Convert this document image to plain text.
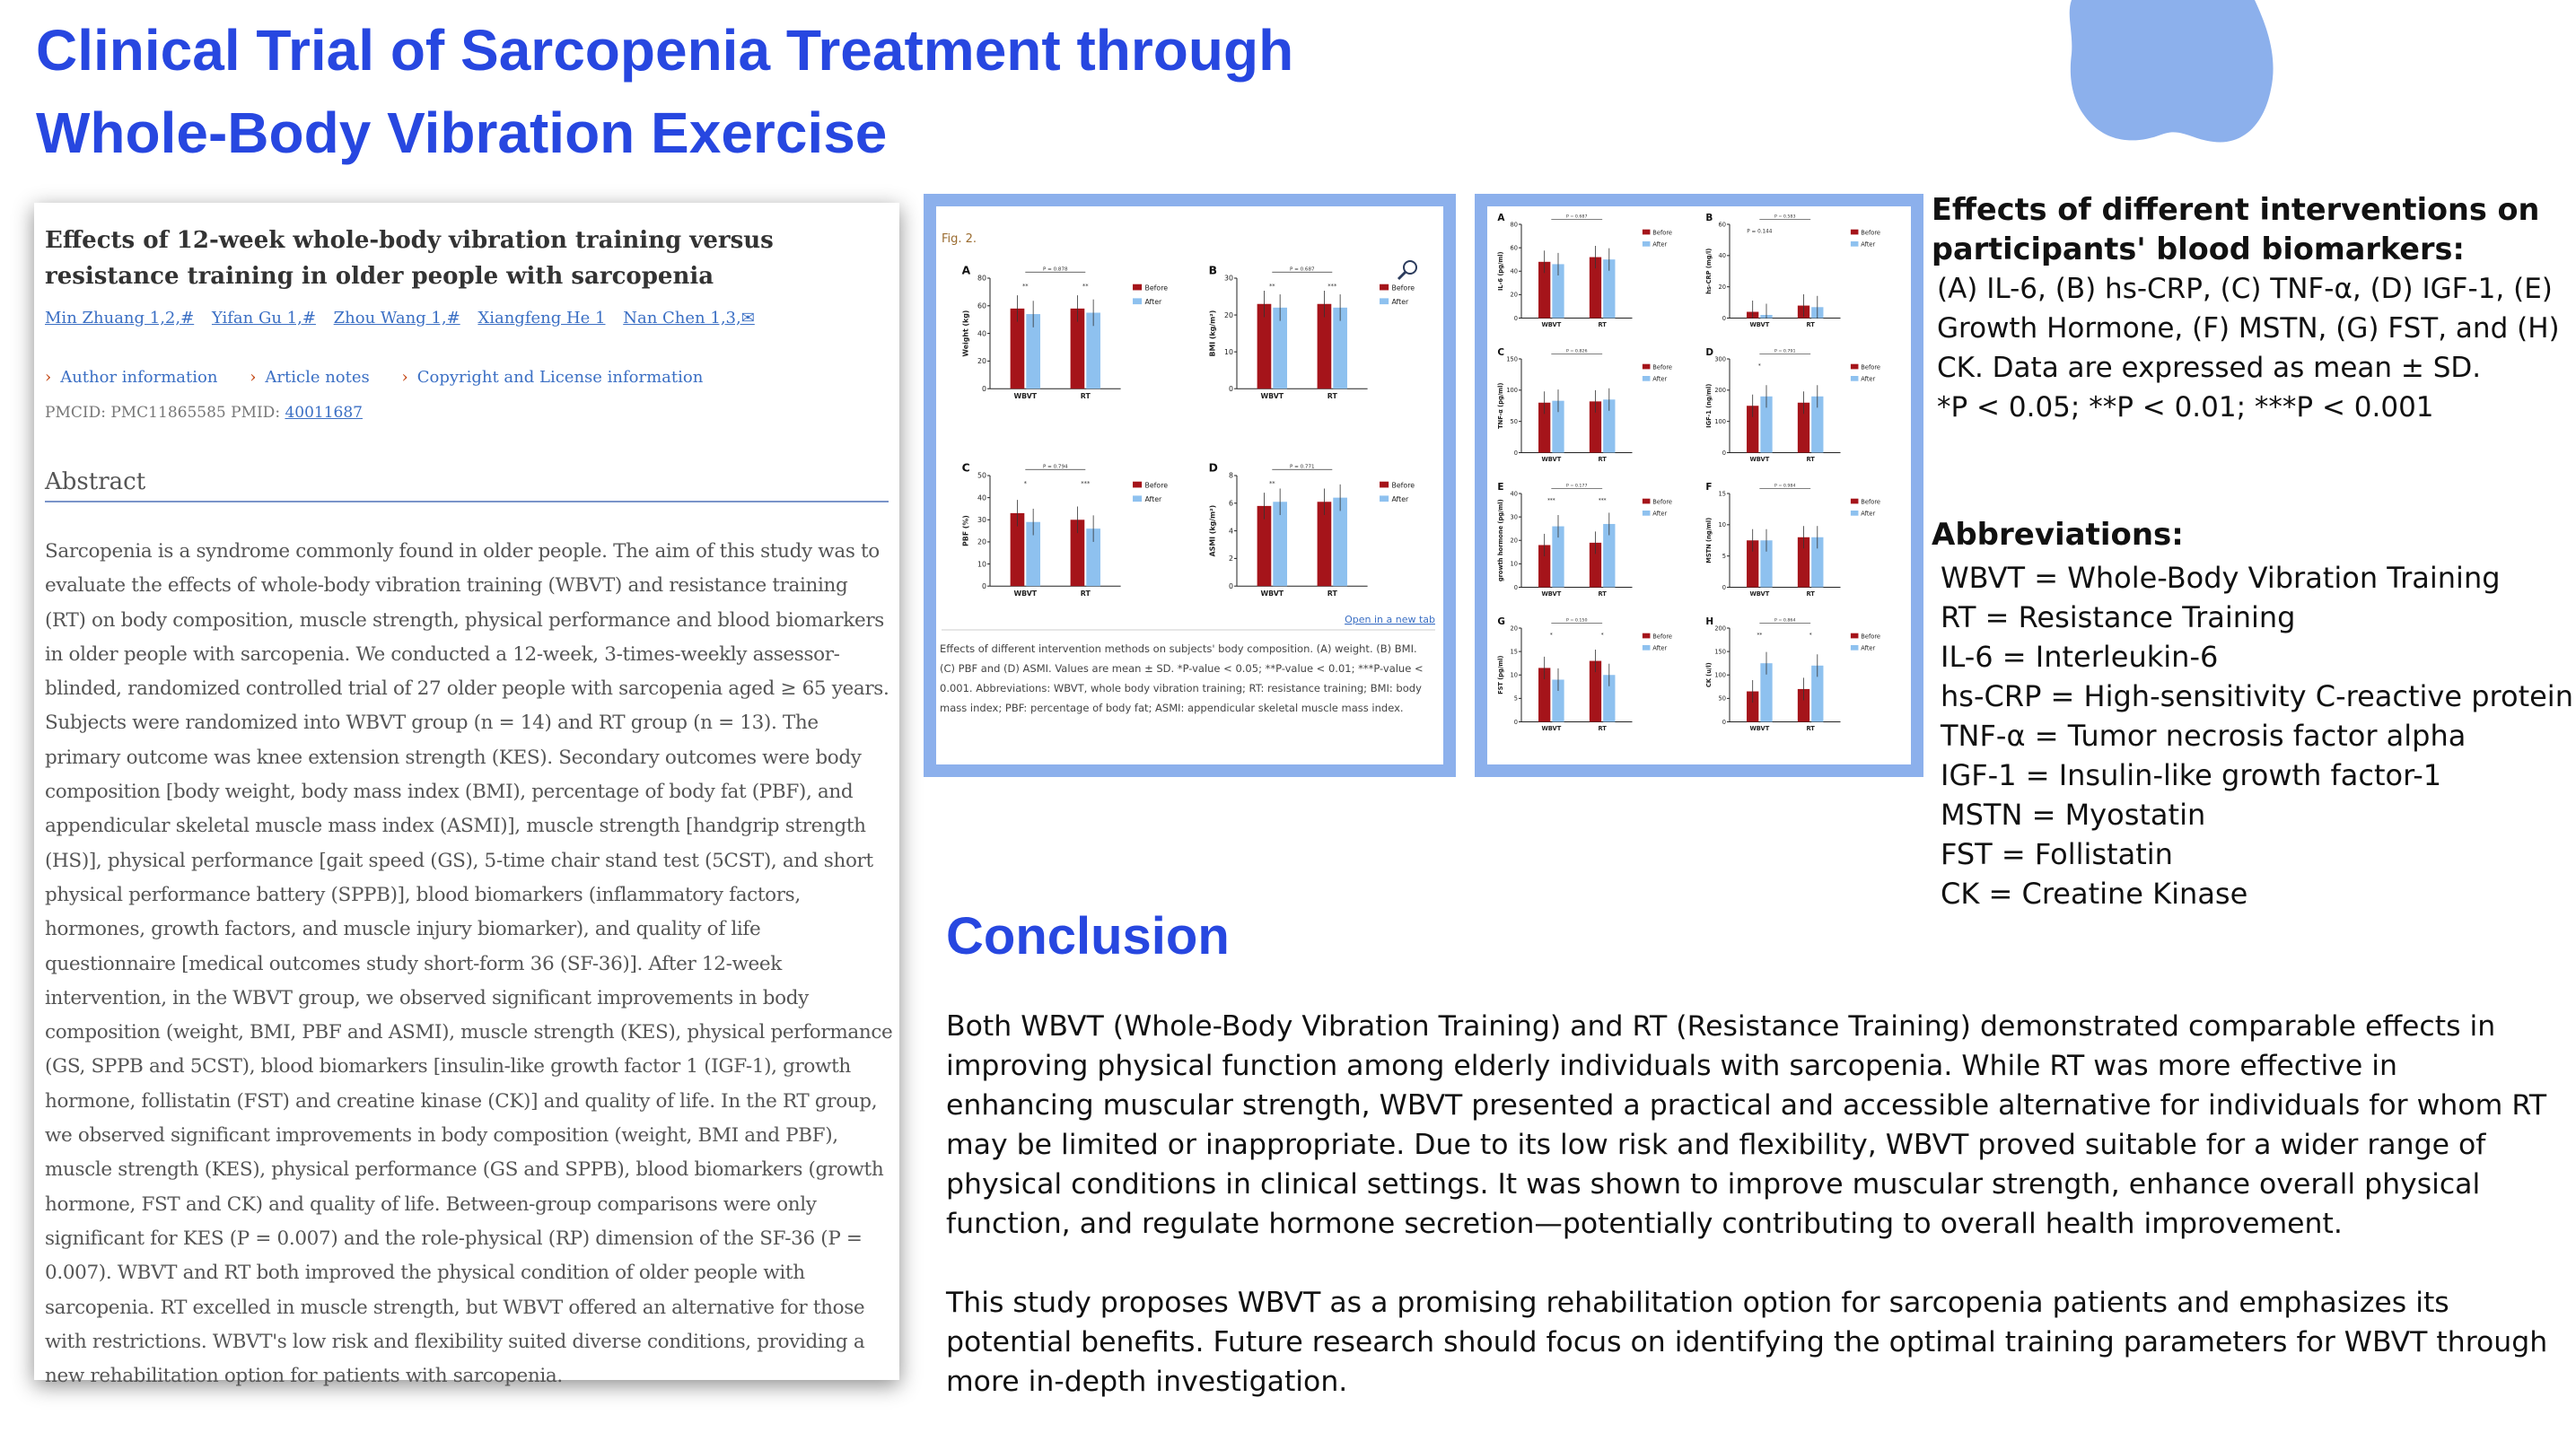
Clinical Trial of Sarcopenia Treatment through
Whole-Body Vibration Exercise
Effects of 12-week whole-body vibration training versus resistance training in older people with sarcopenia
Min Zhuang 1,2,# Yifan Gu 1,# Zhou Wang 1,# Xiangfeng He 1 Nan Chen 1,3,✉
› Author information	› Article notes	› Copyright and License information
PMCID: PMC11865585 PMID: 40011687
Abstract
Sarcopenia is a syndrome commonly found in older people. The aim of this study was to evaluate the effects of whole-body vibration training (WBVT) and resistance training (RT) on body composition, muscle strength, physical performance and blood biomarkers in older people with sarcopenia. We conducted a 12-week, 3-times-weekly assessor-blinded, randomized controlled trial of 27 older people with sarcopenia aged ≥ 65 years. Subjects were randomized into WBVT group (n = 14) and RT group (n = 13). The primary outcome was knee extension strength (KES). Secondary outcomes were body composition [body weight, body mass index (BMI), percentage of body fat (PBF), and appendicular skeletal muscle mass index (ASMI)], muscle strength [handgrip strength (HS)], physical performance [gait speed (GS), 5-time chair stand test (5CST), and short physical performance battery (SPPB)], blood biomarkers (inflammatory factors, hormones, growth factors, and muscle injury biomarker), and quality of life questionnaire [medical outcomes study short-form 36 (SF-36)]. After 12-week intervention, in the WBVT group, we observed significant improvements in body composition (weight, BMI, PBF and ASMI), muscle strength (KES), physical performance (GS, SPPB and 5CST), blood biomarkers [insulin-like growth factor 1 (IGF-1), growth hormone, follistatin (FST) and creatine kinase (CK)] and quality of life. In the RT group, we observed significant improvements in body composition (weight, BMI and PBF), muscle strength (KES), physical performance (GS and SPPB), blood biomarkers (growth hormone, FST and CK) and quality of life. Between-group comparisons were only significant for KES (P = 0.007) and the role-physical (RP) dimension of the SF-36 (P = 0.007). WBVT and RT both improved the physical condition of older people with sarcopenia. RT excelled in muscle strength, but WBVT offered an alternative for those with restrictions. WBVT's low risk and flexibility suited diverse conditions, providing a new rehabilitation option for patients with sarcopenia.
Fig. 2.
Open in a new tab
Effects of different intervention methods on subjects' body composition. (A) weight. (B) BMI. (C) PBF and (D) ASMI. Values are mean ± SD. *P-value < 0.05; **P-value < 0.01; ***P-value < 0.001. Abbreviations: WBVT, whole body vibration training; RT: resistance training; BMI: body mass index; PBF: percentage of body fat; ASMI: appendicular skeletal muscle mass index.
A
0
20
40
60
80
Weight (kg)
WBVT	RT
P = 0.878
**	**	Before
After
B
0
10
20
30
BMI (kg/m²)
WBVT	RT
P = 0.687
**	***	Before
After
C
0
10
20
30
40
50
PBF (%)
WBVT	RT
P = 0.794
*	***	Before
After
D
0
2
4
6
8
ASMI (kg/m²)
WBVT	RT
P = 0.771
**	Before
After
A
0
20
40
60
80
IL-6 (pg/ml)
WBVT	RT
P = 0.687
Before
After
B
0
20
40
60
hs-CRP (mg/l)
WBVT	RT
P = 0.583
P = 0.144	Before
After
C
0
50
100
150
TNF-α (pg/ml)
WBVT	RT
P = 0.826
Before
After
D
0
100
200
300
IGF-1 (ng/ml)
WBVT	RT
P = 0.791
*	Before
After
E
0
10
20
30
40
growth hormone (pg/ml)
WBVT	RT
P = 0.177
***	***	Before
After
F
0
5
10
15
MSTN (ng/ml)
WBVT	RT
P = 0.984
Before
After
G
0
5
10
15
20
FST (pg/ml)
WBVT	RT
P = 0.150
*	*	Before
After
H
0
50
100
150
200
CK (u/l)
WBVT	RT
P = 0.864
**	*	Before
After
Effects of different interventions on participants' blood biomarkers:
(A) IL-6, (B) hs-CRP, (C) TNF-α, (D) IGF-1, (E) Growth Hormone, (F) MSTN, (G) FST, and (H) CK. Data are expressed as mean ± SD.
*P < 0.05; **P < 0.01; ***P < 0.001
Abbreviations:
WBVT = Whole-Body Vibration Training
RT = Resistance Training
IL-6 = Interleukin-6
hs-CRP = High-sensitivity C-reactive protein
TNF-α = Tumor necrosis factor alpha
IGF-1 = Insulin-like growth factor-1
MSTN = Myostatin
FST = Follistatin
CK = Creatine Kinase
Conclusion

Both WBVT (Whole-Body Vibration Training) and RT (Resistance Training) demonstrated comparable effects in improving physical function among elderly individuals with sarcopenia. While RT was more effective in enhancing muscular strength, WBVT presented a practical and accessible alternative for individuals for whom RT may be limited or inappropriate. Due to its low risk and flexibility, WBVT proved suitable for a wider range of physical conditions in clinical settings. It was shown to improve muscular strength, enhance overall physical function, and regulate hormone secretion—potentially contributing to overall health improvement.

This study proposes WBVT as a promising rehabilitation option for sarcopenia patients and emphasizes its potential benefits. Future research should focus on identifying the optimal training parameters for WBVT through more in-depth investigation.
